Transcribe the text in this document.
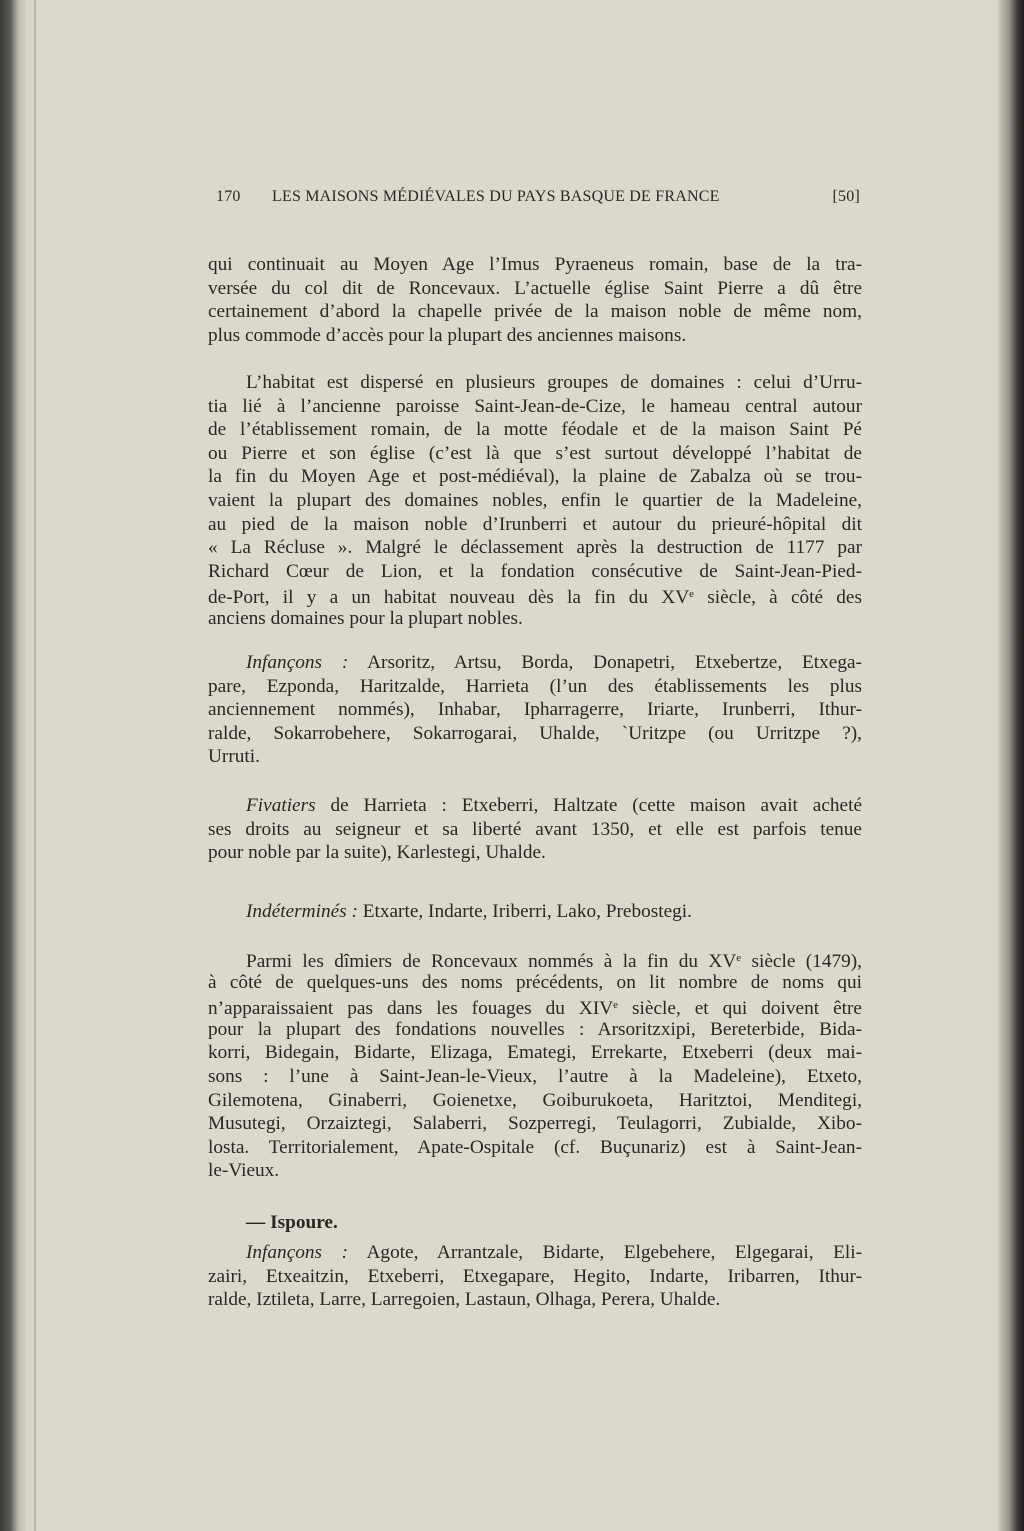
170 LES MAISONS MÉDIÉVALES DU PAYS BASQUE DE FRANCE	[50]
qui continuait au Moyen Age l’Imus Pyraeneus romain, base de la tra-
versée du col dit de Roncevaux. L’actuelle église Saint Pierre a dû être
certainement d’abord la chapelle privée de la maison noble de même nom,
plus commode d’accès pour la plupart des anciennes maisons.
L’habitat est dispersé en plusieurs groupes de domaines : celui d’Urru-
tia lié à l’ancienne paroisse Saint-Jean-de-Cize, le hameau central autour
de l’établissement romain, de la motte féodale et de la maison Saint Pé
ou Pierre et son église (c’est là que s’est surtout développé l’habitat de
la fin du Moyen Age et post-médiéval), la plaine de Zabalza où se trou-
vaient la plupart des domaines nobles, enfin le quartier de la Madeleine,
au pied de la maison noble d’Irunberri et autour du prieuré-hôpital dit
« La Récluse ». Malgré le déclassement après la destruction de 1177 par
Richard Cœur de Lion, et la fondation consécutive de Saint-Jean-Pied-
de-Port, il y a un habitat nouveau dès la fin du XVe siècle, à côté des
anciens domaines pour la plupart nobles.
Infançons : Arsoritz, Artsu, Borda, Donapetri, Etxebertze, Etxega-
pare, Ezponda, Haritzalde, Harrieta (l’un des établissements les plus
anciennement nommés), Inhabar, Ipharragerre, Iriarte, Irunberri, Ithur-
ralde, Sokarrobehere, Sokarrogarai, Uhalde, `Uritzpe (ou Urritzpe ?),
Urruti.
Fivatiers de Harrieta : Etxeberri, Haltzate (cette maison avait acheté
ses droits au seigneur et sa liberté avant 1350, et elle est parfois tenue
pour noble par la suite), Karlestegi, Uhalde.
Indéterminés : Etxarte, Indarte, Iriberri, Lako, Prebostegi.
Parmi les dîmiers de Roncevaux nommés à la fin du XVe siècle (1479),
à côté de quelques-uns des noms précédents, on lit nombre de noms qui
n’apparaissaient pas dans les fouages du XIVe siècle, et qui doivent être
pour la plupart des fondations nouvelles : Arsoritzxipi, Bereterbide, Bida-
korri, Bidegain, Bidarte, Elizaga, Emategi, Errekarte, Etxeberri (deux mai-
sons : l’une à Saint-Jean-le-Vieux, l’autre à la Madeleine), Etxeto,
Gilemotena, Ginaberri, Goienetxe, Goiburukoeta, Haritztoi, Menditegi,
Musutegi, Orzaiztegi, Salaberri, Sozperregi, Teulagorri, Zubialde, Xibo-
losta. Territorialement, Apate-Ospitale (cf. Buçunariz) est à Saint-Jean-
le-Vieux.
— Ispoure.
Infançons : Agote, Arrantzale, Bidarte, Elgebehere, Elgegarai, Eli-
zairi, Etxeaitzin, Etxeberri, Etxegapare, Hegito, Indarte, Iribarren, Ithur-
ralde, Iztileta, Larre, Larregoien, Lastaun, Olhaga, Perera, Uhalde.
